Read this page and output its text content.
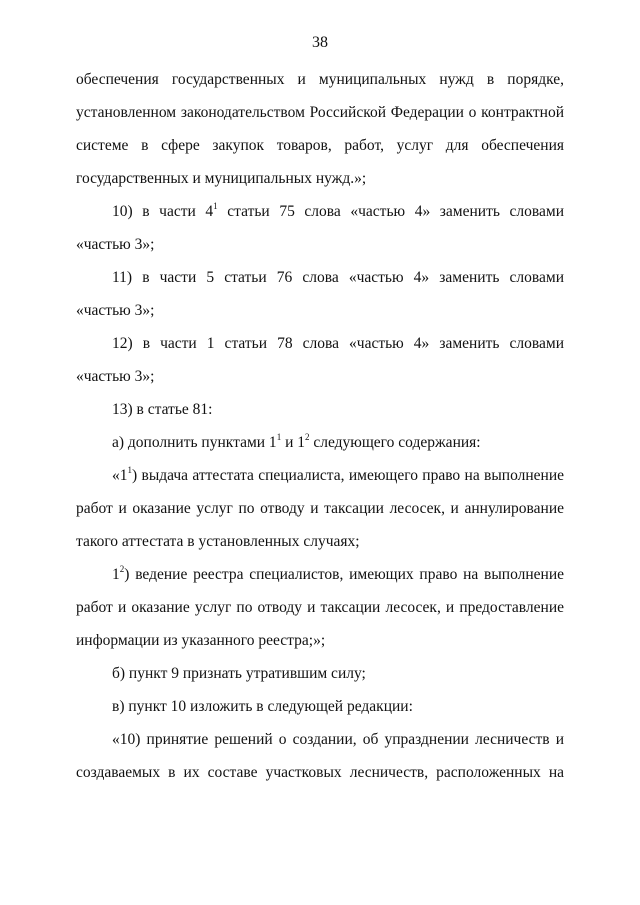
38
обеспечения государственных и муниципальных нужд в порядке,
установленном законодательством Российской Федерации о контрактной
системе в сфере закупок товаров, работ, услуг для обеспечения
государственных и муниципальных нужд.»;
10) в части $4^1$ статьи 75 слова «частью 4» заменить словами
«частью 3»;
11) в части 5 статьи 76 слова «частью 4» заменить словами
«частью 3»;
12) в части 1 статьи 78 слова «частью 4» заменить словами
«частью 3»;
13) в статье 81:
а) дополнить пунктами $1^1$ и $1^2$ следующего содержания:
«$1^1$) выдача аттестата специалиста, имеющего право на выполнение
работ и оказание услуг по отводу и таксации лесосек, и аннулирование
такого аттестата в установленных случаях;
$1^2$) ведение реестра специалистов, имеющих право на выполнение
работ и оказание услуг по отводу и таксации лесосек, и предоставление
информации из указанного реестра;»;
б) пункт 9 признать утратившим силу;
в) пункт 10 изложить в следующей редакции:
«10) принятие решений о создании, об упразднении лесничеств и
создаваемых в их составе участковых лесничеств, расположенных на
